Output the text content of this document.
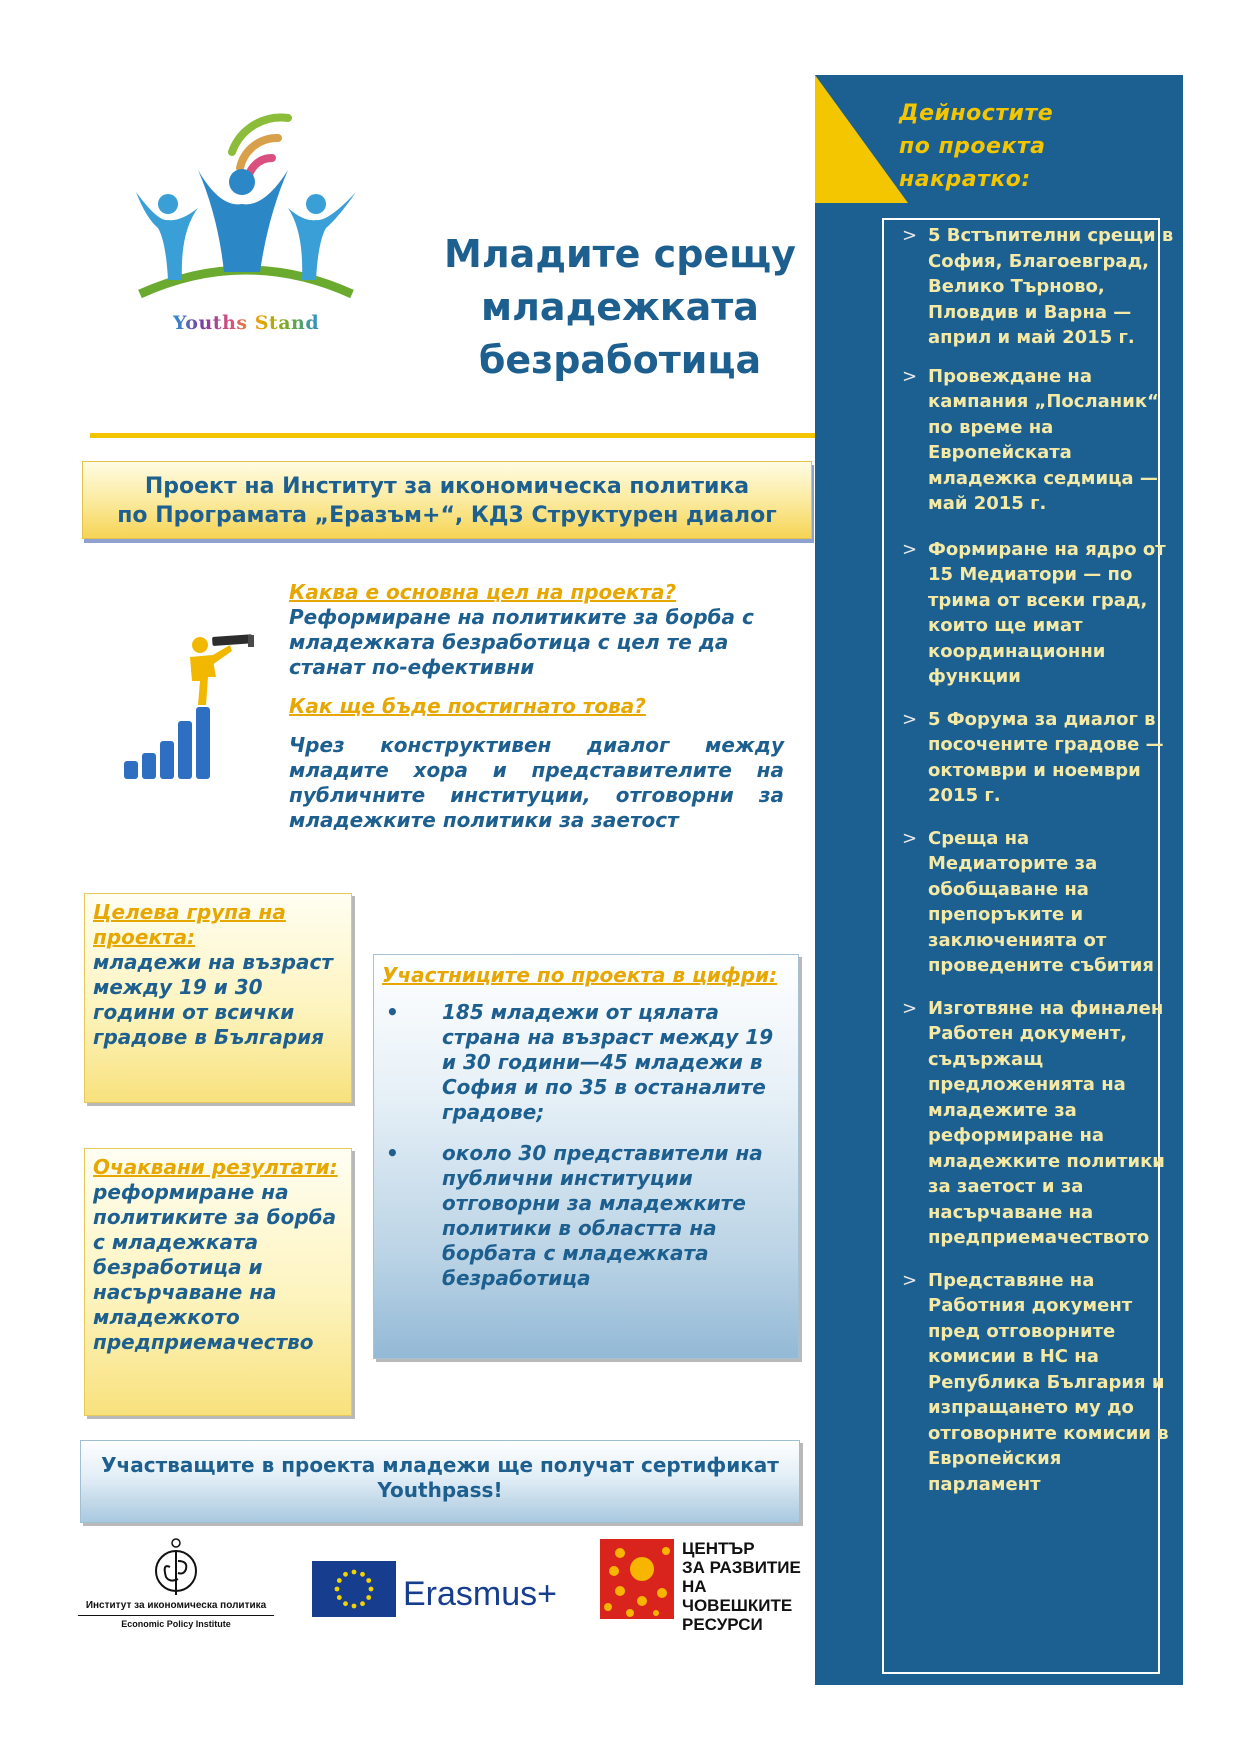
Youths Stand
Младите срещу
младежката
безработица
Проект на Институт за икономическа политика
по Програмата „Еразъм+“, КД3 Структурен диалог
Каква е основна цел на проекта?
Реформиране на политиките за борба с младежката безработица с цел те да станат по-ефективни
Как ще бъде постигнато това?
Чрез конструктивен диалог между
младите хора и представителите на
публичните институции, отговорни за
младежките политики за заетост
Целева група на проекта:
младежи на възраст между 19 и 30 години от всички градове в България
Очаквани резултати:
реформиране на политиките за борба с младежката безработица и насърчаване на младежкото предприемачество
Участниците по проекта в цифри:
• 185 младежи от цялата страна на възраст между 19 и 30 години—45 младежи в София и по 35 в останалите градове;
• около 30 представители на публични институции отговорни за младежките политики в областта на борбата с младежката безработица
Участващите в проекта младежи ще получат сертификат
Youthpass!
Институт за икономическа политика
Economic Policy Institute
Erasmus+
ЦЕНТЪР
ЗА РАЗВИТИЕ
НА ЧОВЕШКИТЕ
РЕСУРСИ
Дейностите
по проекта
накратко:
> 5 Встъпителни срещи в София, Благоевград, Велико Търново, Пловдив и Варна — април и май 2015 г.
> Провеждане на кампания „Посланик“ по време на Европейската младежка седмица — май 2015 г.
> Формиране на ядро от 15 Медиатори — по трима от всеки град, които ще имат координационни функции
> 5 Форума за диалог в посочените градове — октомври и ноември 2015 г.
> Среща на Медиаторите за обобщаване на препоръките и заключенията от проведените събития
> Изготвяне на финален Работен документ, съдържащ предложенията на младежите за реформиране на младежките политики за заетост и за насърчаване на предприемачеството
> Представяне на Работния документ пред отговорните комисии в НС на Република България и изпращането му до отговорните комисии в Европейския парламент
